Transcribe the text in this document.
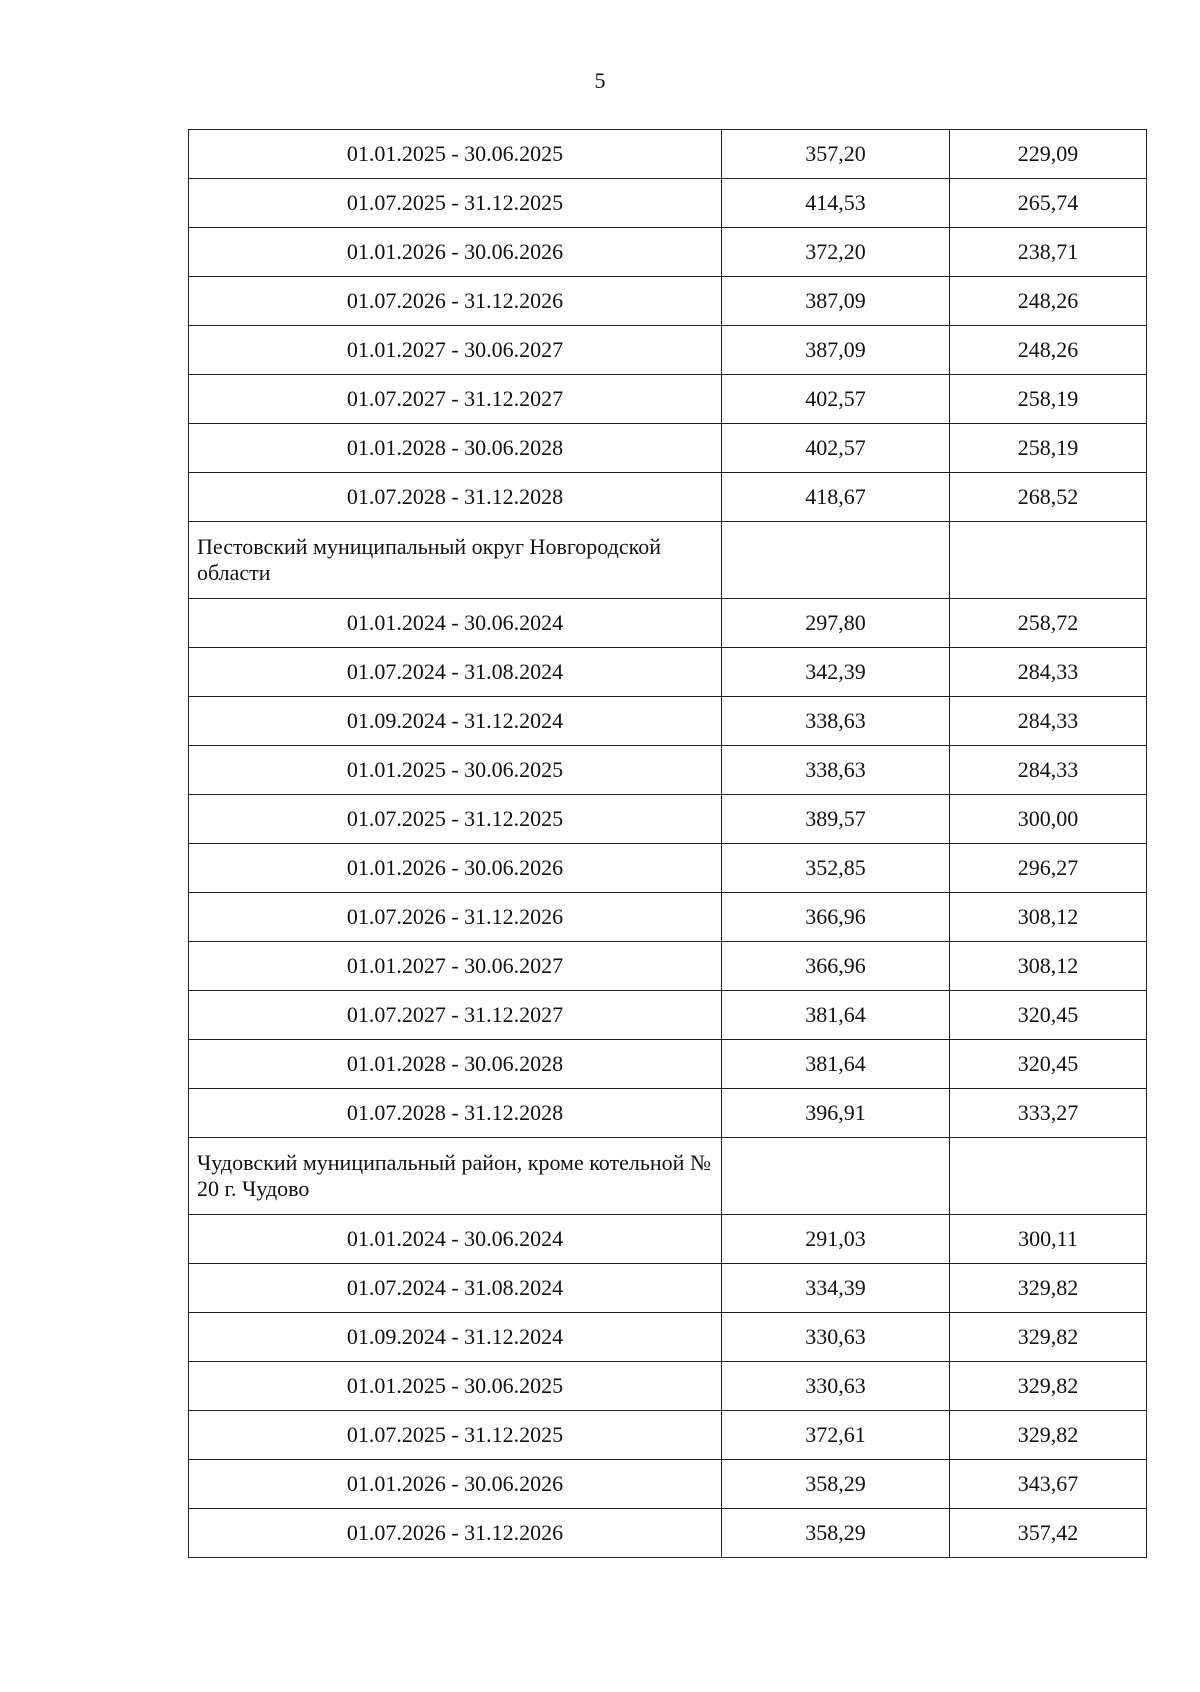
5
01.01.2025 - 30.06.2025	357,20	229,09
01.07.2025 - 31.12.2025	414,53	265,74
01.01.2026 - 30.06.2026	372,20	238,71
01.07.2026 - 31.12.2026	387,09	248,26
01.01.2027 - 30.06.2027	387,09	248,26
01.07.2027 - 31.12.2027	402,57	258,19
01.01.2028 - 30.06.2028	402,57	258,19
01.07.2028 - 31.12.2028	418,67	268,52
Пестовский муниципальный округ Новгородской области		
01.01.2024 - 30.06.2024	297,80	258,72
01.07.2024 - 31.08.2024	342,39	284,33
01.09.2024 - 31.12.2024	338,63	284,33
01.01.2025 - 30.06.2025	338,63	284,33
01.07.2025 - 31.12.2025	389,57	300,00
01.01.2026 - 30.06.2026	352,85	296,27
01.07.2026 - 31.12.2026	366,96	308,12
01.01.2027 - 30.06.2027	366,96	308,12
01.07.2027 - 31.12.2027	381,64	320,45
01.01.2028 - 30.06.2028	381,64	320,45
01.07.2028 - 31.12.2028	396,91	333,27
Чудовский муниципальный район, кроме котельной № 20 г. Чудово		
01.01.2024 - 30.06.2024	291,03	300,11
01.07.2024 - 31.08.2024	334,39	329,82
01.09.2024 - 31.12.2024	330,63	329,82
01.01.2025 - 30.06.2025	330,63	329,82
01.07.2025 - 31.12.2025	372,61	329,82
01.01.2026 - 30.06.2026	358,29	343,67
01.07.2026 - 31.12.2026	358,29	357,42
